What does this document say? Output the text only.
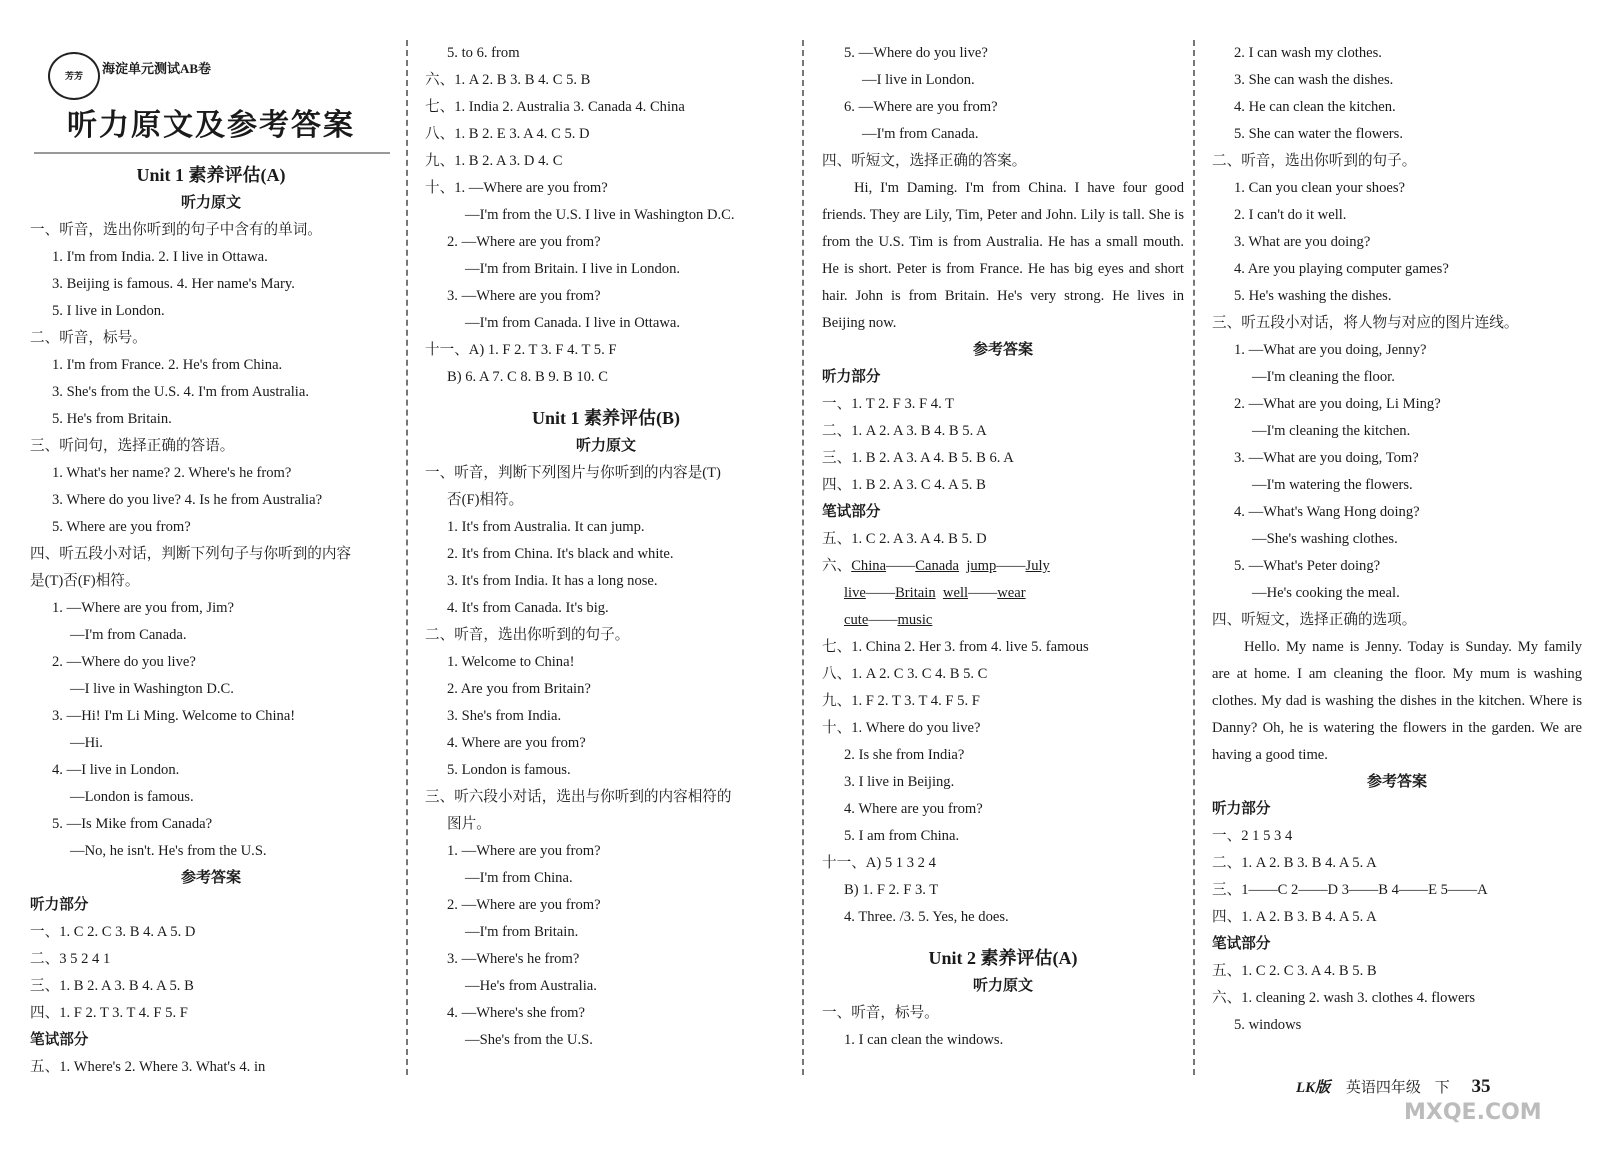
芳芳	海淀单元测试AB卷
听力原文及参考答案
Unit 1 素养评估(A)
听力原文
一、听音，选出你听到的句子中含有的单词。
1. I'm from India. 2. I live in Ottawa.
3. Beijing is famous. 4. Her name's Mary.
5. I live in London.
二、听音，标号。
1. I'm from France. 2. He's from China.
3. She's from the U.S. 4. I'm from Australia.
5. He's from Britain.
三、听问句，选择正确的答语。
1. What's her name? 2. Where's he from?
3. Where do you live? 4. Is he from Australia?
5. Where are you from?
四、听五段小对话，判断下列句子与你听到的内容
是(T)否(F)相符。
1. —Where are you from, Jim?
—I'm from Canada.
2. —Where do you live?
—I live in Washington D.C.
3. —Hi! I'm Li Ming. Welcome to China!
—Hi.
4. —I live in London.
—London is famous.
5. —Is Mike from Canada?
—No, he isn't. He's from the U.S.
参考答案
听力部分
一、1. C 2. C 3. B 4. A 5. D
二、3 5 2 4 1
三、1. B 2. A 3. B 4. A 5. B
四、1. F 2. T 3. T 4. F 5. F
笔试部分
五、1. Where's 2. Where 3. What's 4. in
5. to 6. from
六、1. A 2. B 3. B 4. C 5. B
七、1. India 2. Australia 3. Canada 4. China
八、1. B 2. E 3. A 4. C 5. D
九、1. B 2. A 3. D 4. C
十、1. —Where are you from?
—I'm from the U.S. I live in Washington D.C.
2. —Where are you from?
—I'm from Britain. I live in London.
3. —Where are you from?
—I'm from Canada. I live in Ottawa.
十一、A) 1. F 2. T 3. F 4. T 5. F
B) 6. A 7. C 8. B 9. B 10. C
Unit 1 素养评估(B)
听力原文
一、听音，判断下列图片与你听到的内容是(T)
否(F)相符。
1. It's from Australia. It can jump.
2. It's from China. It's black and white.
3. It's from India. It has a long nose.
4. It's from Canada. It's big.
二、听音，选出你听到的句子。
1. Welcome to China!
2. Are you from Britain?
3. She's from India.
4. Where are you from?
5. London is famous.
三、听六段小对话，选出与你听到的内容相符的
图片。
1. —Where are you from?
—I'm from China.
2. —Where are you from?
—I'm from Britain.
3. —Where's he from?
—He's from Australia.
4. —Where's she from?
—She's from the U.S.
5. —Where do you live?
—I live in London.
6. —Where are you from?
—I'm from Canada.
四、听短文，选择正确的答案。
Hi, I'm Daming. I'm from China. I have four good friends. They are Lily, Tim, Peter and John. Lily is tall. She is from the U.S. Tim is from Australia. He has a small mouth. He is short. Peter is from France. He has big eyes and short hair. John is from Britain. He's very strong. He lives in Beijing now.
参考答案
听力部分
一、1. T 2. F 3. F 4. T
二、1. A 2. A 3. B 4. B 5. A
三、1. B 2. A 3. A 4. B 5. B 6. A
四、1. B 2. A 3. C 4. A 5. B
笔试部分
五、1. C 2. A 3. A 4. B 5. D
六、China——Canada jump——July
live——Britain well——wear
cute——music
七、1. China 2. Her 3. from 4. live 5. famous
八、1. A 2. C 3. C 4. B 5. C
九、1. F 2. T 3. T 4. F 5. F
十、1. Where do you live?
2. Is she from India?
3. I live in Beijing.
4. Where are you from?
5. I am from China.
十一、A) 5 1 3 2 4
B) 1. F 2. F 3. T
4. Three. /3. 5. Yes, he does.
Unit 2 素养评估(A)
听力原文
一、听音，标号。
1. I can clean the windows.
2. I can wash my clothes.
3. She can wash the dishes.
4. He can clean the kitchen.
5. She can water the flowers.
二、听音，选出你听到的句子。
1. Can you clean your shoes?
2. I can't do it well.
3. What are you doing?
4. Are you playing computer games?
5. He's washing the dishes.
三、听五段小对话，将人物与对应的图片连线。
1. —What are you doing, Jenny?
—I'm cleaning the floor.
2. —What are you doing, Li Ming?
—I'm cleaning the kitchen.
3. —What are you doing, Tom?
—I'm watering the flowers.
4. —What's Wang Hong doing?
—She's washing clothes.
5. —What's Peter doing?
—He's cooking the meal.
四、听短文，选择正确的选项。
Hello. My name is Jenny. Today is Sunday. My family are at home. I am cleaning the floor. My mum is washing clothes. My dad is washing the dishes in the kitchen. Where is Danny? Oh, he is watering the flowers in the garden. We are having a good time.
参考答案
听力部分
一、2 1 5 3 4
二、1. A 2. B 3. B 4. A 5. A
三、1——C 2——D 3——B 4——E 5——A
四、1. A 2. B 3. B 4. A 5. A
笔试部分
五、1. C 2. C 3. A 4. B 5. B
六、1. cleaning 2. wash 3. clothes 4. flowers
5. windows
LK版 英语四年级 下 35
MXQE.COM
